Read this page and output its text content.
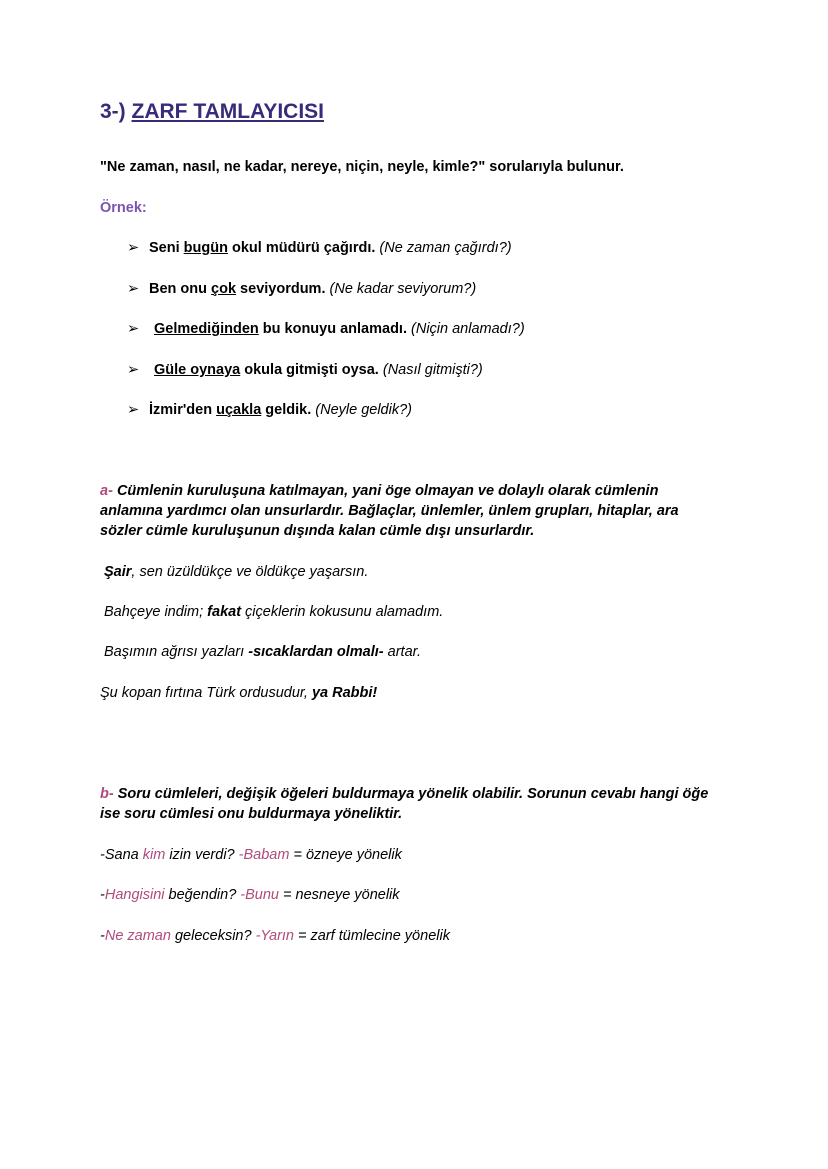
3-) ZARF TAMLAYICISI
"Ne zaman, nasıl, ne kadar, nereye, niçin, neyle, kimle?" sorularıyla bulunur.
Örnek:
➢ Seni bugün okul müdürü çağırdı. (Ne zaman çağırdı?)
➢ Ben onu çok seviyordum. (Ne kadar seviyorum?)
➢ Gelmediğinden bu konuyu anlamadı. (Niçin anlamadı?)
➢ Güle oynaya okula gitmişti oysa. (Nasıl gitmişti?)
➢ İzmir'den uçakla geldik. (Neyle geldik?)
a- Cümlenin kuruluşuna katılmayan, yani öge olmayan ve dolaylı olarak cümlenin anlamına yardımcı olan unsurlardır. Bağlaçlar, ünlemler, ünlem grupları, hitaplar, ara sözler cümle kuruluşunun dışında kalan cümle dışı unsurlardır.
Şair, sen üzüldükçe ve öldükçe yaşarsın.
Bahçeye indim; fakat çiçeklerin kokusunu alamadım.
Başımın ağrısı yazları -sıcaklardan olmalı- artar.
Şu kopan fırtına Türk ordusudur, ya Rabbi!
b- Soru cümleleri, değişik öğeleri buldurmaya yönelik olabilir. Sorunun cevabı hangi öğe ise soru cümlesi onu buldurmaya yöneliktir.
-Sana kim izin verdi? -Babam = özneye yönelik
-Hangisini beğendin? -Bunu = nesneye yönelik
-Ne zaman geleceksin? -Yarın = zarf tümlecine yönelik
